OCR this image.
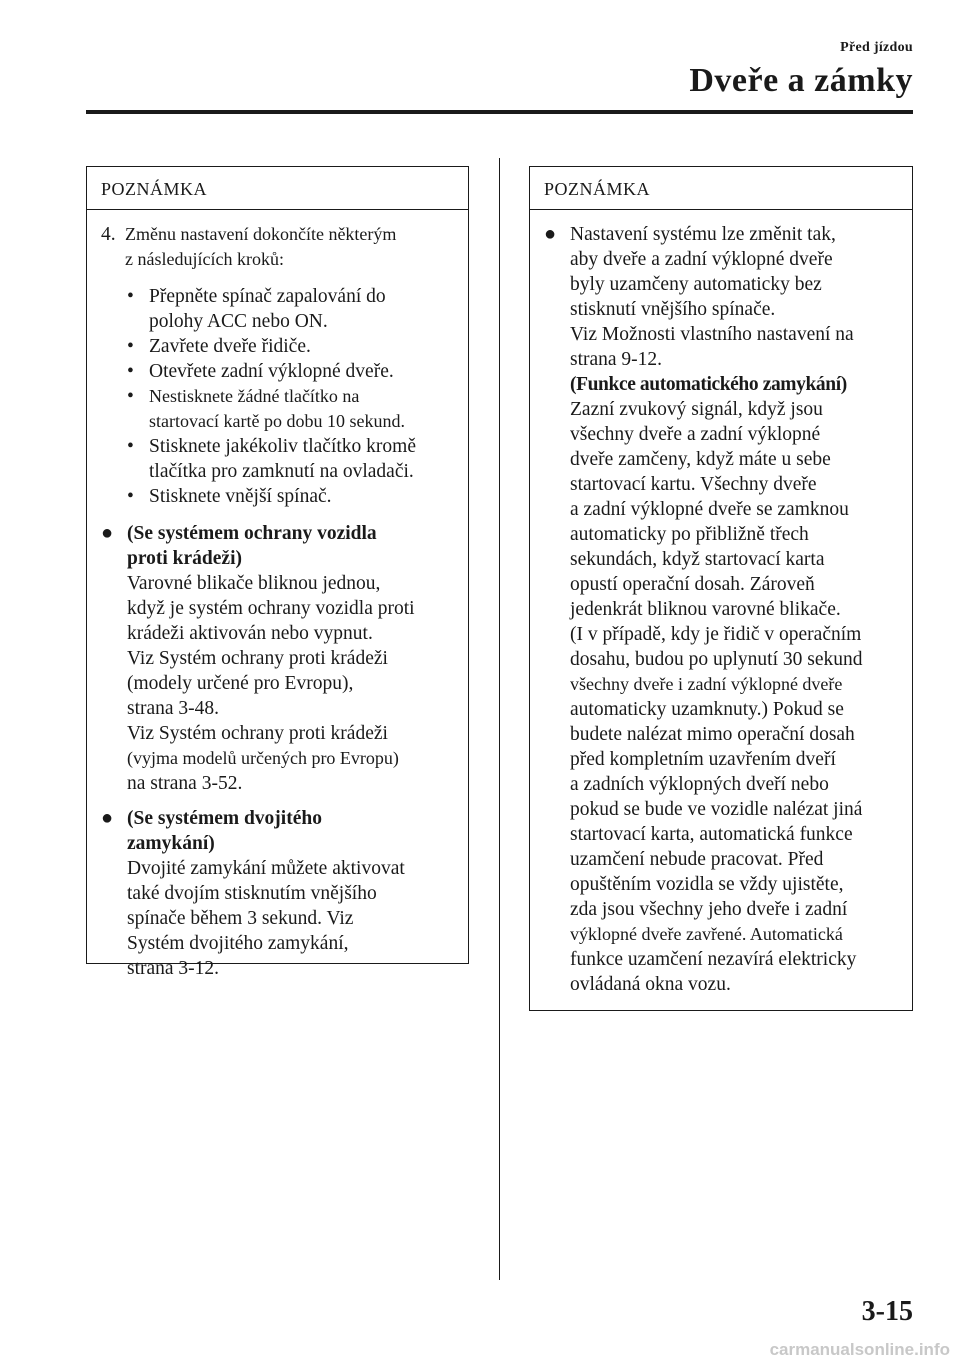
Před jízdou
Dveře a zámky
POZNÁMKA
4. Změnu nastavení dokončíte některým
z následujících kroků:
• Přepněte spínač zapalování do
polohy ACC nebo ON.
• Zavřete dveře řidiče.
• Otevřete zadní výklopné dveře.
• Nestisknete žádné tlačítko na
startovací kartě po dobu 10 sekund.
• Stisknete jakékoliv tlačítko kromě
tlačítka pro zamknutí na ovladači.
• Stisknete vnější spínač.
● (Se systémem ochrany vozidla
proti krádeži)
Varovné blikače bliknou jednou,
když je systém ochrany vozidla proti
krádeži aktivován nebo vypnut.
Viz Systém ochrany proti krádeži
(modely určené pro Evropu),
strana 3-48.
Viz Systém ochrany proti krádeži
(vyjma modelů určených pro Evropu)
na strana 3-52.
● (Se systémem dvojitého
zamykání)
Dvojité zamykání můžete aktivovat
také dvojím stisknutím vnějšího
spínače během 3 sekund. Viz
Systém dvojitého zamykání,
strana 3-12.
POZNÁMKA
● Nastavení systému lze změnit tak,
aby dveře a zadní výklopné dveře
byly uzamčeny automaticky bez
stisknutí vnějšího spínače.
Viz Možnosti vlastního nastavení na
strana 9-12.
(Funkce automatického zamykání)
Zazní zvukový signál, když jsou
všechny dveře a zadní výklopné
dveře zamčeny, když máte u sebe
startovací kartu. Všechny dveře
a zadní výklopné dveře se zamknou
automaticky po přibližně třech
sekundách, když startovací karta
opustí operační dosah. Zároveň
jedenkrát bliknou varovné blikače.
(I v případě, kdy je řidič v operačním
dosahu, budou po uplynutí 30 sekund
všechny dveře i zadní výklopné dveře
automaticky uzamknuty.) Pokud se
budete nalézat mimo operační dosah
před kompletním uzavřením dveří
a zadních výklopných dveří nebo
pokud se bude ve vozidle nalézat jiná
startovací karta, automatická funkce
uzamčení nebude pracovat. Před
opuštěním vozidla se vždy ujistěte,
zda jsou všechny jeho dveře i zadní
výklopné dveře zavřené. Automatická
funkce uzamčení nezavírá elektricky
ovládaná okna vozu.
3-15
carmanualsonline.info
